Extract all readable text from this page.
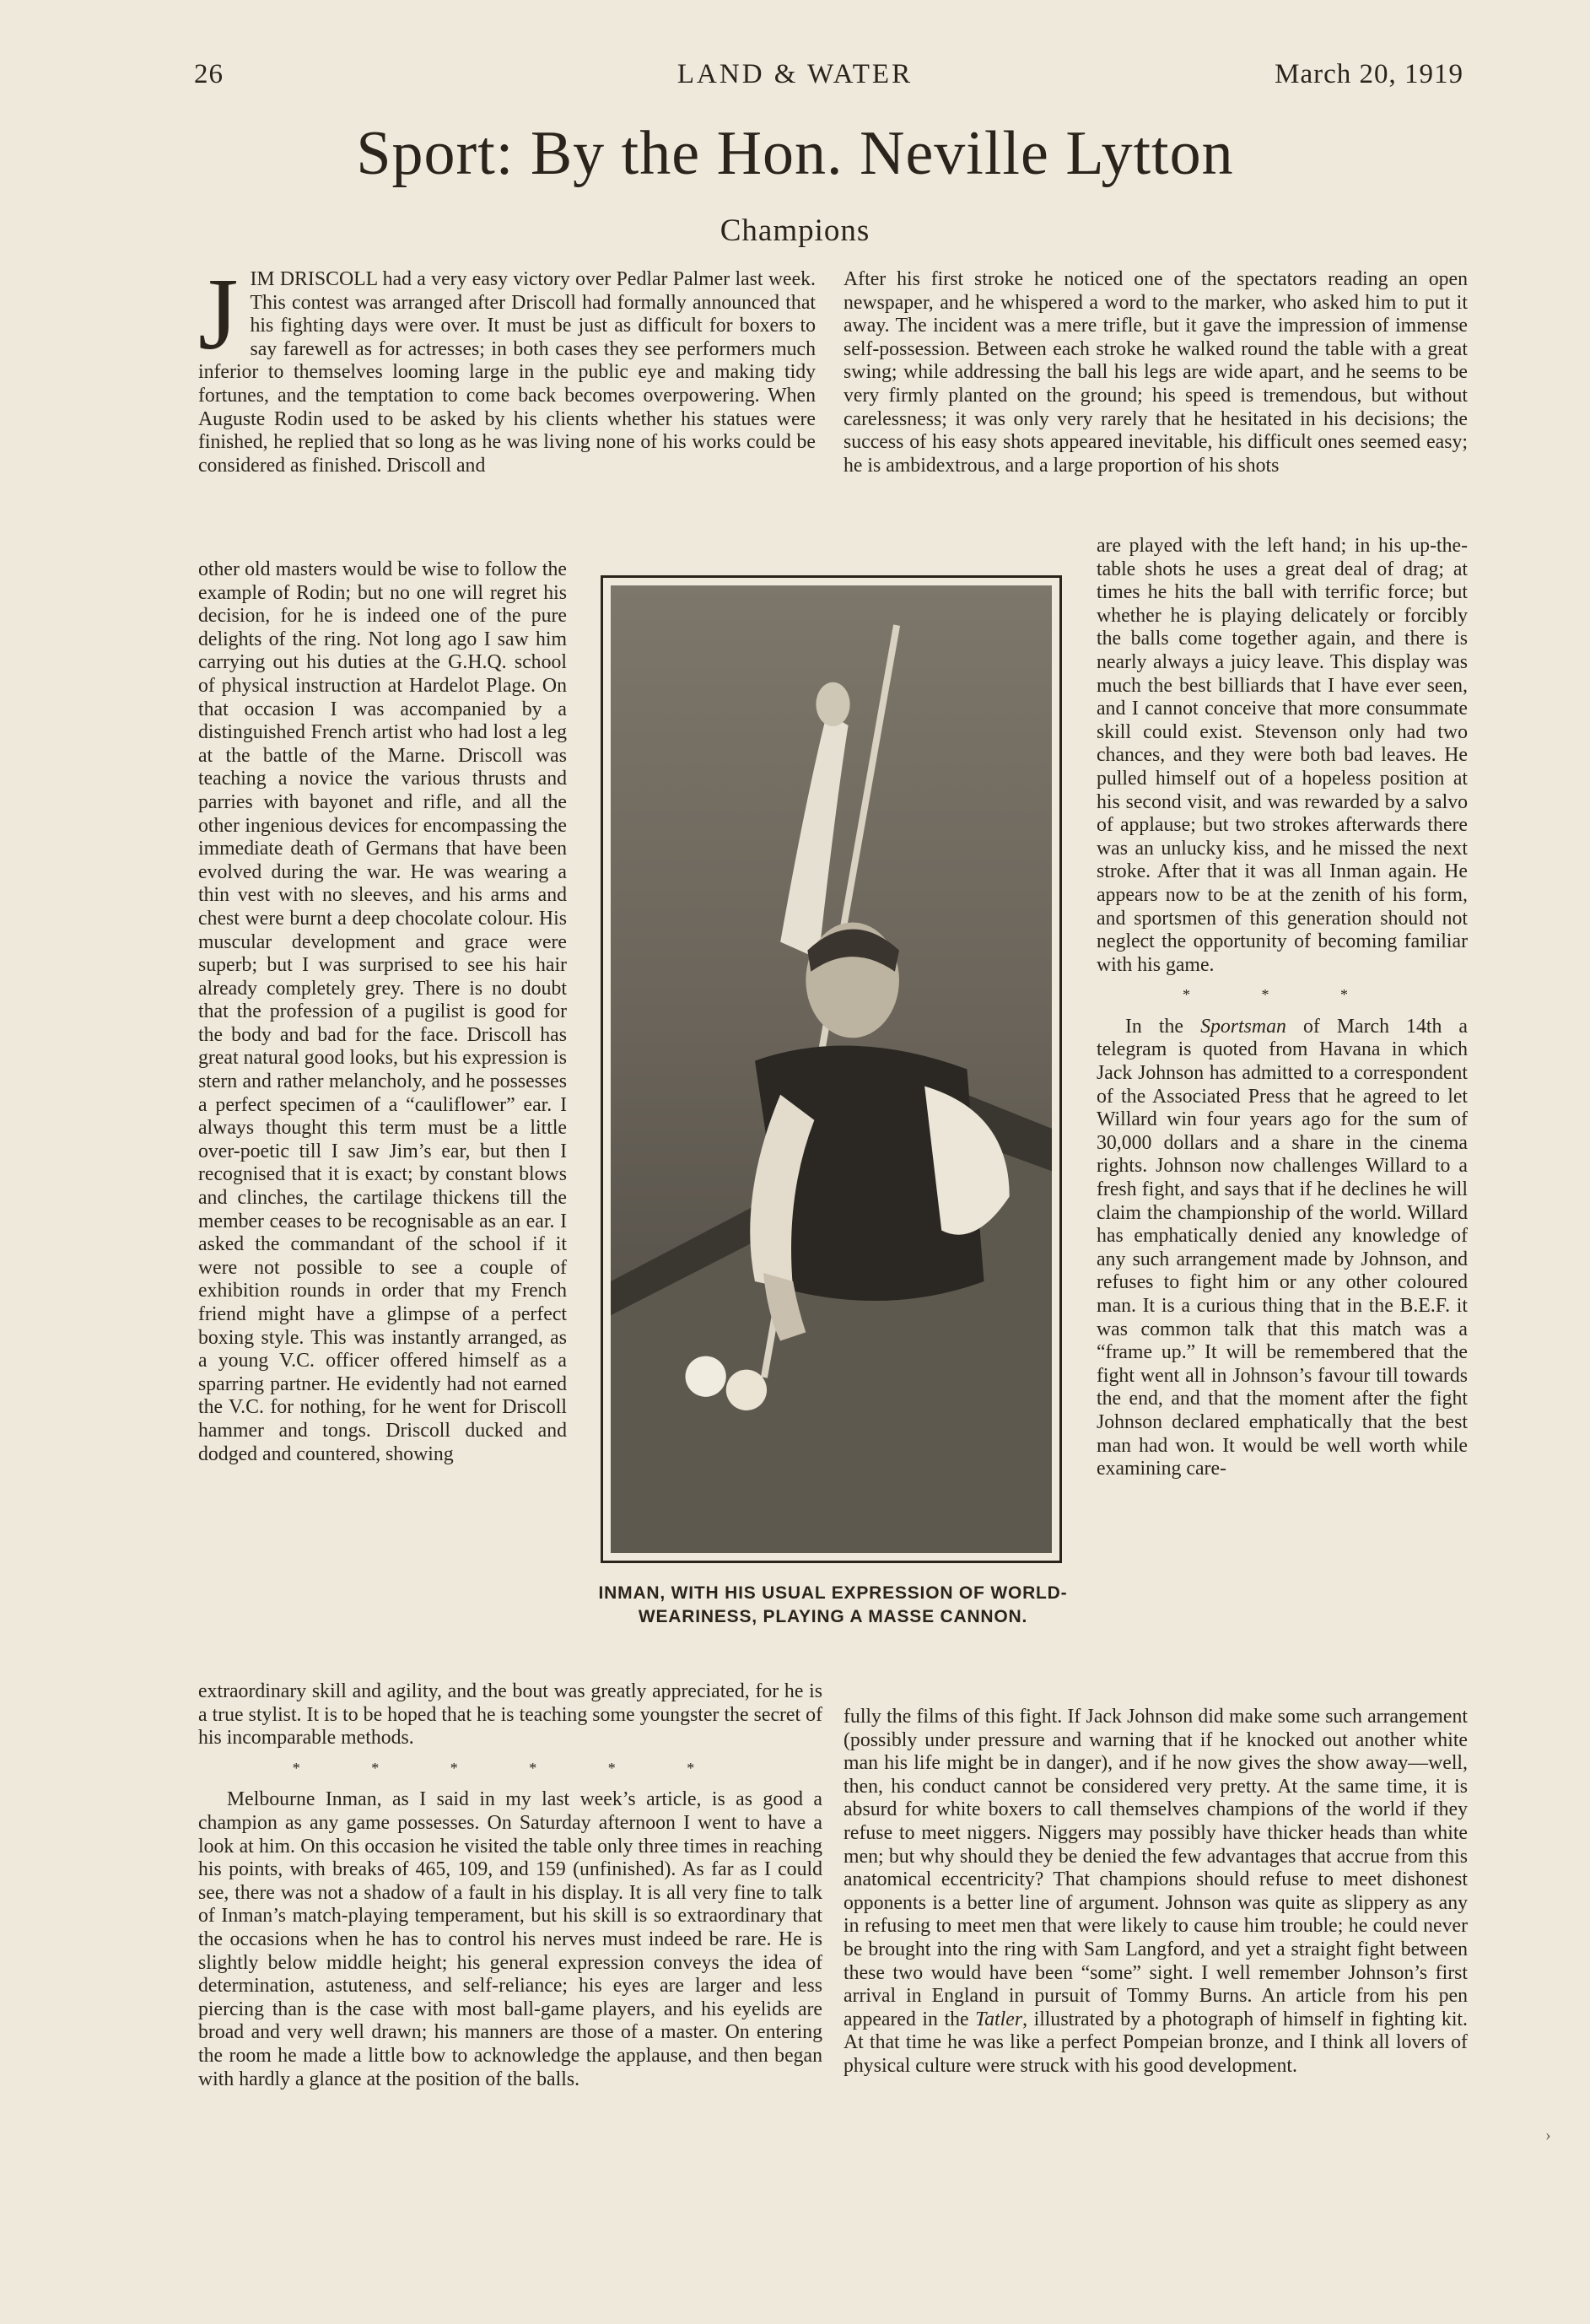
26	LAND & WATER	March 20, 1919
Sport: By the Hon. Neville Lytton
Champions

JIM DRISCOLL had a very easy victory over Pedlar Palmer last week. This contest was arranged after Driscoll had formally announced that his fighting days were over. It must be just as difficult for boxers to say farewell as for actresses; in both cases they see performers much inferior to themselves looming large in the public eye and making tidy fortunes, and the temptation to come back becomes overpowering. When Auguste Rodin used to be asked by his clients whether his statues were finished, he replied that so long as he was living none of his works could be considered as finished. Driscoll and

other old masters would be wise to follow the example of Rodin; but no one will regret his decision, for he is indeed one of the pure delights of the ring. Not long ago I saw him carrying out his duties at the G.H.Q. school of physical instruction at Hardelot Plage. On that occasion I was accompanied by a distinguished French artist who had lost a leg at the battle of the Marne. Driscoll was teaching a novice the various thrusts and parries with bayonet and rifle, and all the other ingenious devices for encompassing the immediate death of Germans that have been evolved during the war. He was wearing a thin vest with no sleeves, and his arms and chest were burnt a deep chocolate colour. His muscular development and grace were superb; but I was surprised to see his hair already completely grey. There is no doubt that the profession of a pugilist is good for the body and bad for the face. Driscoll has great natural good looks, but his expression is stern and rather melancholy, and he possesses a perfect specimen of a “cauliflower” ear. I always thought this term must be a little over-poetic till I saw Jim’s ear, but then I recognised that it is exact; by constant blows and clinches, the cartilage thickens till the member ceases to be recognisable as an ear. I asked the commandant of the school if it were not possible to see a couple of exhibition rounds in order that my French friend might have a glimpse of a perfect boxing style. This was instantly arranged, as a young V.C. officer offered himself as a sparring partner. He evidently had not earned the V.C. for nothing, for he went for Driscoll hammer and tongs. Driscoll ducked and dodged and countered, showing

extraordinary skill and agility, and the bout was greatly appreciated, for he is a true stylist. It is to be hoped that he is teaching some youngster the secret of his incomparable methods.

* * * * * *

Melbourne Inman, as I said in my last week’s article, is as good a champion as any game possesses. On Saturday afternoon I went to have a look at him. On this occasion he visited the table only three times in reaching his points, with breaks of 465, 109, and 159 (unfinished). As far as I could see, there was not a shadow of a fault in his display. It is all very fine to talk of Inman’s match-playing temperament, but his skill is so extraordinary that the occasions when he has to control his nerves must indeed be rare. He is slightly below middle height; his general expression conveys the idea of determination, astuteness, and self-reliance; his eyes are larger and less piercing than is the case with most ball-game players, and his eyelids are broad and very well drawn; his manners are those of a master. On entering the room he made a little bow to acknowledge the applause, and then began with hardly a glance at the position of the balls.

After his first stroke he noticed one of the spectators reading an open newspaper, and he whispered a word to the marker, who asked him to put it away. The incident was a mere trifle, but it gave the impression of immense self-possession. Between each stroke he walked round the table with a great swing; while addressing the ball his legs are wide apart, and he seems to be very firmly planted on the ground; his speed is tremendous, but without carelessness; it was only very rarely that he hesitated in his decisions; the success of his easy shots appeared inevitable, his difficult ones seemed easy; he is ambidextrous, and a large proportion of his shots

are played with the left hand; in his up-the-table shots he uses a great deal of drag; at times he hits the ball with terrific force; but whether he is playing delicately or forcibly the balls come together again, and there is nearly always a juicy leave. This display was much the best billiards that I have ever seen, and I cannot conceive that more consummate skill could exist. Stevenson only had two chances, and they were both bad leaves. He pulled himself out of a hopeless position at his second visit, and was rewarded by a salvo of applause; but two strokes afterwards there was an unlucky kiss, and he missed the next stroke. After that it was all Inman again. He appears now to be at the zenith of his form, and sportsmen of this generation should not neglect the opportunity of becoming familiar with his game.

* * *

In the Sportsman of March 14th a telegram is quoted from Havana in which Jack Johnson has admitted to a correspondent of the Associated Press that he agreed to let Willard win four years ago for the sum of 30,000 dollars and a share in the cinema rights. Johnson now challenges Willard to a fresh fight, and says that if he declines he will claim the championship of the world. Willard has emphatically denied any knowledge of any such arrangement made by Johnson, and refuses to fight him or any other coloured man. It is a curious thing that in the B.E.F. it was common talk that this match was a “frame up.” It will be remembered that the fight went all in Johnson’s favour till towards the end, and that the moment after the fight Johnson declared emphatically that the best man had won. It would be well worth while examining care-

fully the films of this fight. If Jack Johnson did make some such arrangement (possibly under pressure and warning that if he knocked out another white man his life might be in danger), and if he now gives the show away—well, then, his conduct cannot be considered very pretty. At the same time, it is absurd for white boxers to call themselves champions of the world if they refuse to meet niggers. Niggers may possibly have thicker heads than white men; but why should they be denied the few advantages that accrue from this anatomical eccentricity? That champions should refuse to meet dishonest opponents is a better line of argument. Johnson was quite as slippery as any in refusing to meet men that were likely to cause him trouble; he could never be brought into the ring with Sam Langford, and yet a straight fight between these two would have been “some” sight. I well remember Johnson’s first arrival in England in pursuit of Tommy Burns. An article from his pen appeared in the Tatler, illustrated by a photograph of himself in fighting kit. At that time he was like a perfect Pompeian bronze, and I think all lovers of physical culture were struck with his good development.

INMAN, WITH HIS USUAL EXPRESSION OF WORLD-WEARINESS, PLAYING A MASSE CANNON.

›
